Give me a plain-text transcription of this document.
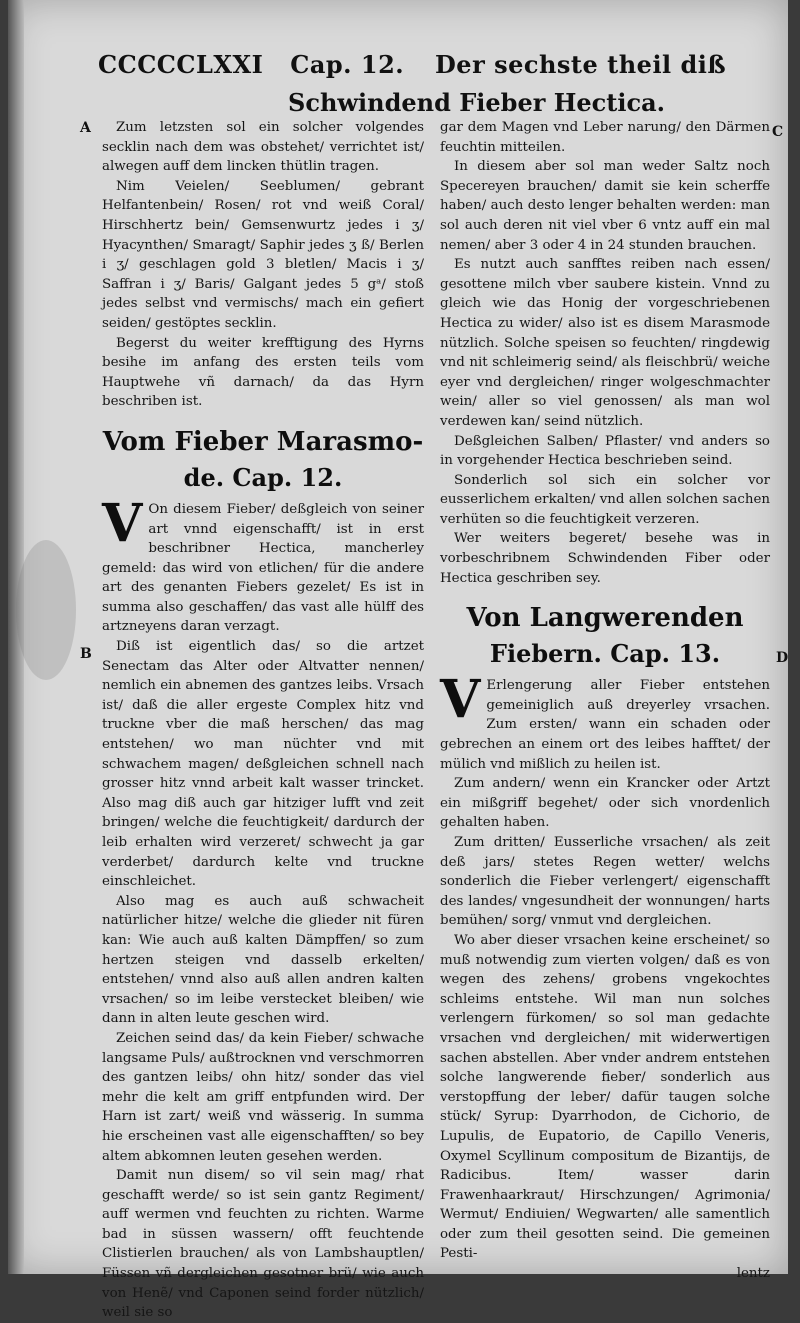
CCCCCLXXI Cap. 12. Der sechste theil diß
Schwindend Fieber Hectica.
A
B
C
D

Zum letzsten sol ein solcher volgendes secklin nach dem was obstehet/ verrichtet ist/ alwegen auff dem lincken thütlin tragen.

Nim Veielen/ Seeblumen/ gebrant Helfantenbein/ Rosen/ rot vnd weiß Coral/ Hirschhertz bein/ Gemsenwurtz jedes i ʒ/ Hyacynthen/ Smaragt/ Saphir jedes ʒ ß/ Berlen i ʒ/ geschlagen gold 3 bletlen/ Macis i ʒ/ Saffran i ʒ/ Baris/ Galgant jedes 5 gᵃ/ stoß jedes selbst vnd vermischs/ mach ein gefiert seiden/ gestöptes secklin.

Begerst du weiter krefftigung des Hyrns besihe im anfang des ersten teils vom Hauptwehe vñ darnach/ da das Hyrn beschriben ist.

Vom Fieber Marasmo-
de. Cap. 12.

V On diesem Fieber/ deßgleich von seiner art vnnd eigenschafft/ ist in erst beschribner Hectica, mancherley gemeld: das wird von etlichen/ für die andere art des genanten Fiebers gezelet/ Es ist in summa also geschaffen/ das vast alle hülff des artzneyens daran verzagt.

Diß ist eigentlich das/ so die artzet Senectam das Alter oder Altvatter nennen/ nemlich ein abnemen des gantzes leibs. Vrsach ist/ daß die aller ergeste Complex hitz vnd truckne vber die maß herschen/ das mag entstehen/ wo man nüchter vnd mit schwachem magen/ deßgleichen schnell nach grosser hitz vnnd arbeit kalt wasser trincket. Also mag diß auch gar hitziger lufft vnd zeit bringen/ welche die feuchtigkeit/ dardurch der leib erhalten wird verzeret/ schwecht ja gar verderbet/ dardurch kelte vnd truckne einschleichet.

Also mag es auch auß schwacheit natürlicher hitze/ welche die glieder nit füren kan: Wie auch auß kalten Dämpffen/ so zum hertzen steigen vnd dasselb erkelten/ entstehen/ vnnd also auß allen andren kalten vrsachen/ so im leibe verstecket bleiben/ wie dann in alten leute geschen wird.

Zeichen seind das/ da kein Fieber/ schwache langsame Puls/ außtrocknen vnd verschmorren des gantzen leibs/ ohn hitz/ sonder das viel mehr die kelt am griff entpfunden wird. Der Harn ist zart/ weiß vnd wässerig. In summa hie erscheinen vast alle eigenschafften/ so bey altem abkomnen leuten gesehen werden.

Damit nun disem/ so vil sein mag/ rhat geschafft werde/ so ist sein gantz Regiment/ auff wermen vnd feuchten zu richten. Warme bad in süssen wassern/ offt feuchtende Clistierlen brauchen/ als von Lambshauptlen/ Füssen vñ dergleichen gesotner brü/ wie auch von Henẽ/ vnd Caponen seind forder nützlich/ weil sie so

gar dem Magen vnd Leber narung/ den Därmen feuchtin mitteilen.

In diesem aber sol man weder Saltz noch Specereyen brauchen/ damit sie kein scherffe haben/ auch desto lenger behalten werden: man sol auch deren nit viel vber 6 vntz auff ein mal nemen/ aber 3 oder 4 in 24 stunden brauchen.

Es nutzt auch sanfftes reiben nach essen/ gesottene milch vber saubere kistein. Vnnd zu gleich wie das Honig der vorgeschriebenen Hectica zu wider/ also ist es disem Marasmode nützlich. Solche speisen so feuchten/ ringdewig vnd nit schleimerig seind/ als fleischbrü/ weiche eyer vnd dergleichen/ ringer wolgeschmachter wein/ aller so viel genossen/ als man wol verdewen kan/ seind nützlich.

Deßgleichen Salben/ Pflaster/ vnd anders so in vorgehender Hectica beschrieben seind.

Sonderlich sol sich ein solcher vor eusserlichem erkalten/ vnd allen solchen sachen verhüten so die feuchtigkeit verzeren.

Wer weiters begeret/ besehe was in vorbeschribnem Schwindenden Fiber oder Hectica geschriben sey.

Von Langwerenden
Fiebern. Cap. 13.

V Erlengerung aller Fieber entstehen gemeiniglich auß dreyerley vrsachen. Zum ersten/ wann ein schaden oder gebrechen an einem ort des leibes hafftet/ der mülich vnd mißlich zu heilen ist.

Zum andern/ wenn ein Krancker oder Artzt ein mißgriff begehet/ oder sich vnordenlich gehalten haben.

Zum dritten/ Eusserliche vrsachen/ als zeit deß jars/ stetes Regen wetter/ welchs sonderlich die Fieber verlengert/ eigenschafft des landes/ vngesundheit der wonnungen/ harts bemühen/ sorg/ vnmut vnd dergleichen.

Wo aber dieser vrsachen keine erscheinet/ so muß notwendig zum vierten volgen/ daß es von wegen des zehens/ grobens vngekochtes schleims entstehe. Wil man nun solches verlengern fürkomen/ so sol man gedachte vrsachen vnd dergleichen/ mit widerwertigen sachen abstellen. Aber vnder andrem entstehen solche langwerende fieber/ sonderlich aus verstopffung der leber/ dafür taugen solche stück/ Syrup: Dyarrhodon, de Cichorio, de Lupulis, de Eupatorio, de Capillo Veneris, Oxymel Scyllinum compositum de Bizantijs, de Radicibus. Item/ wasser darin Frawenhaarkraut/ Hirschzungen/ Agrimonia/ Wermut/ Endiuien/ Wegwarten/ alle samentlich oder zum theil gesotten seind. Die gemeinen Pesti-

lentz
